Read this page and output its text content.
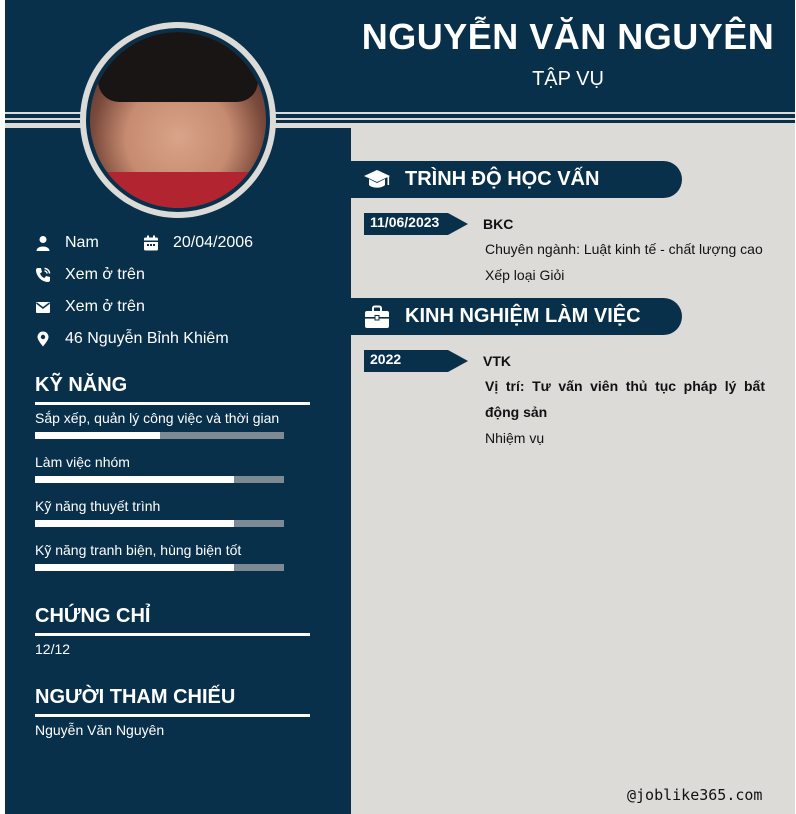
NGUYỄN VĂN NGUYÊN
TẬP VỤ
Nam	20/04/2006
Xem ở trên
Xem ở trên
46 Nguyễn Bỉnh Khiêm
KỸ NĂNG
Sắp xếp, quản lý công việc và thời gian
Làm việc nhóm
Kỹ năng thuyết trình
Kỹ năng tranh biện, hùng biện tốt
CHỨNG CHỈ
12/12
NGƯỜI THAM CHIẾU
Nguyễn Văn Nguyên
TRÌNH ĐỘ HỌC VẤN
11/06/2023	BKC
Chuyên ngành: Luật kinh tế - chất lượng cao
Xếp loại Giỏi
KINH NGHIỆM LÀM VIỆC
2022	VTK
Vị trí: Tư vấn viên thủ tục pháp lý bất động sản
Nhiệm vụ
@joblike365.com
